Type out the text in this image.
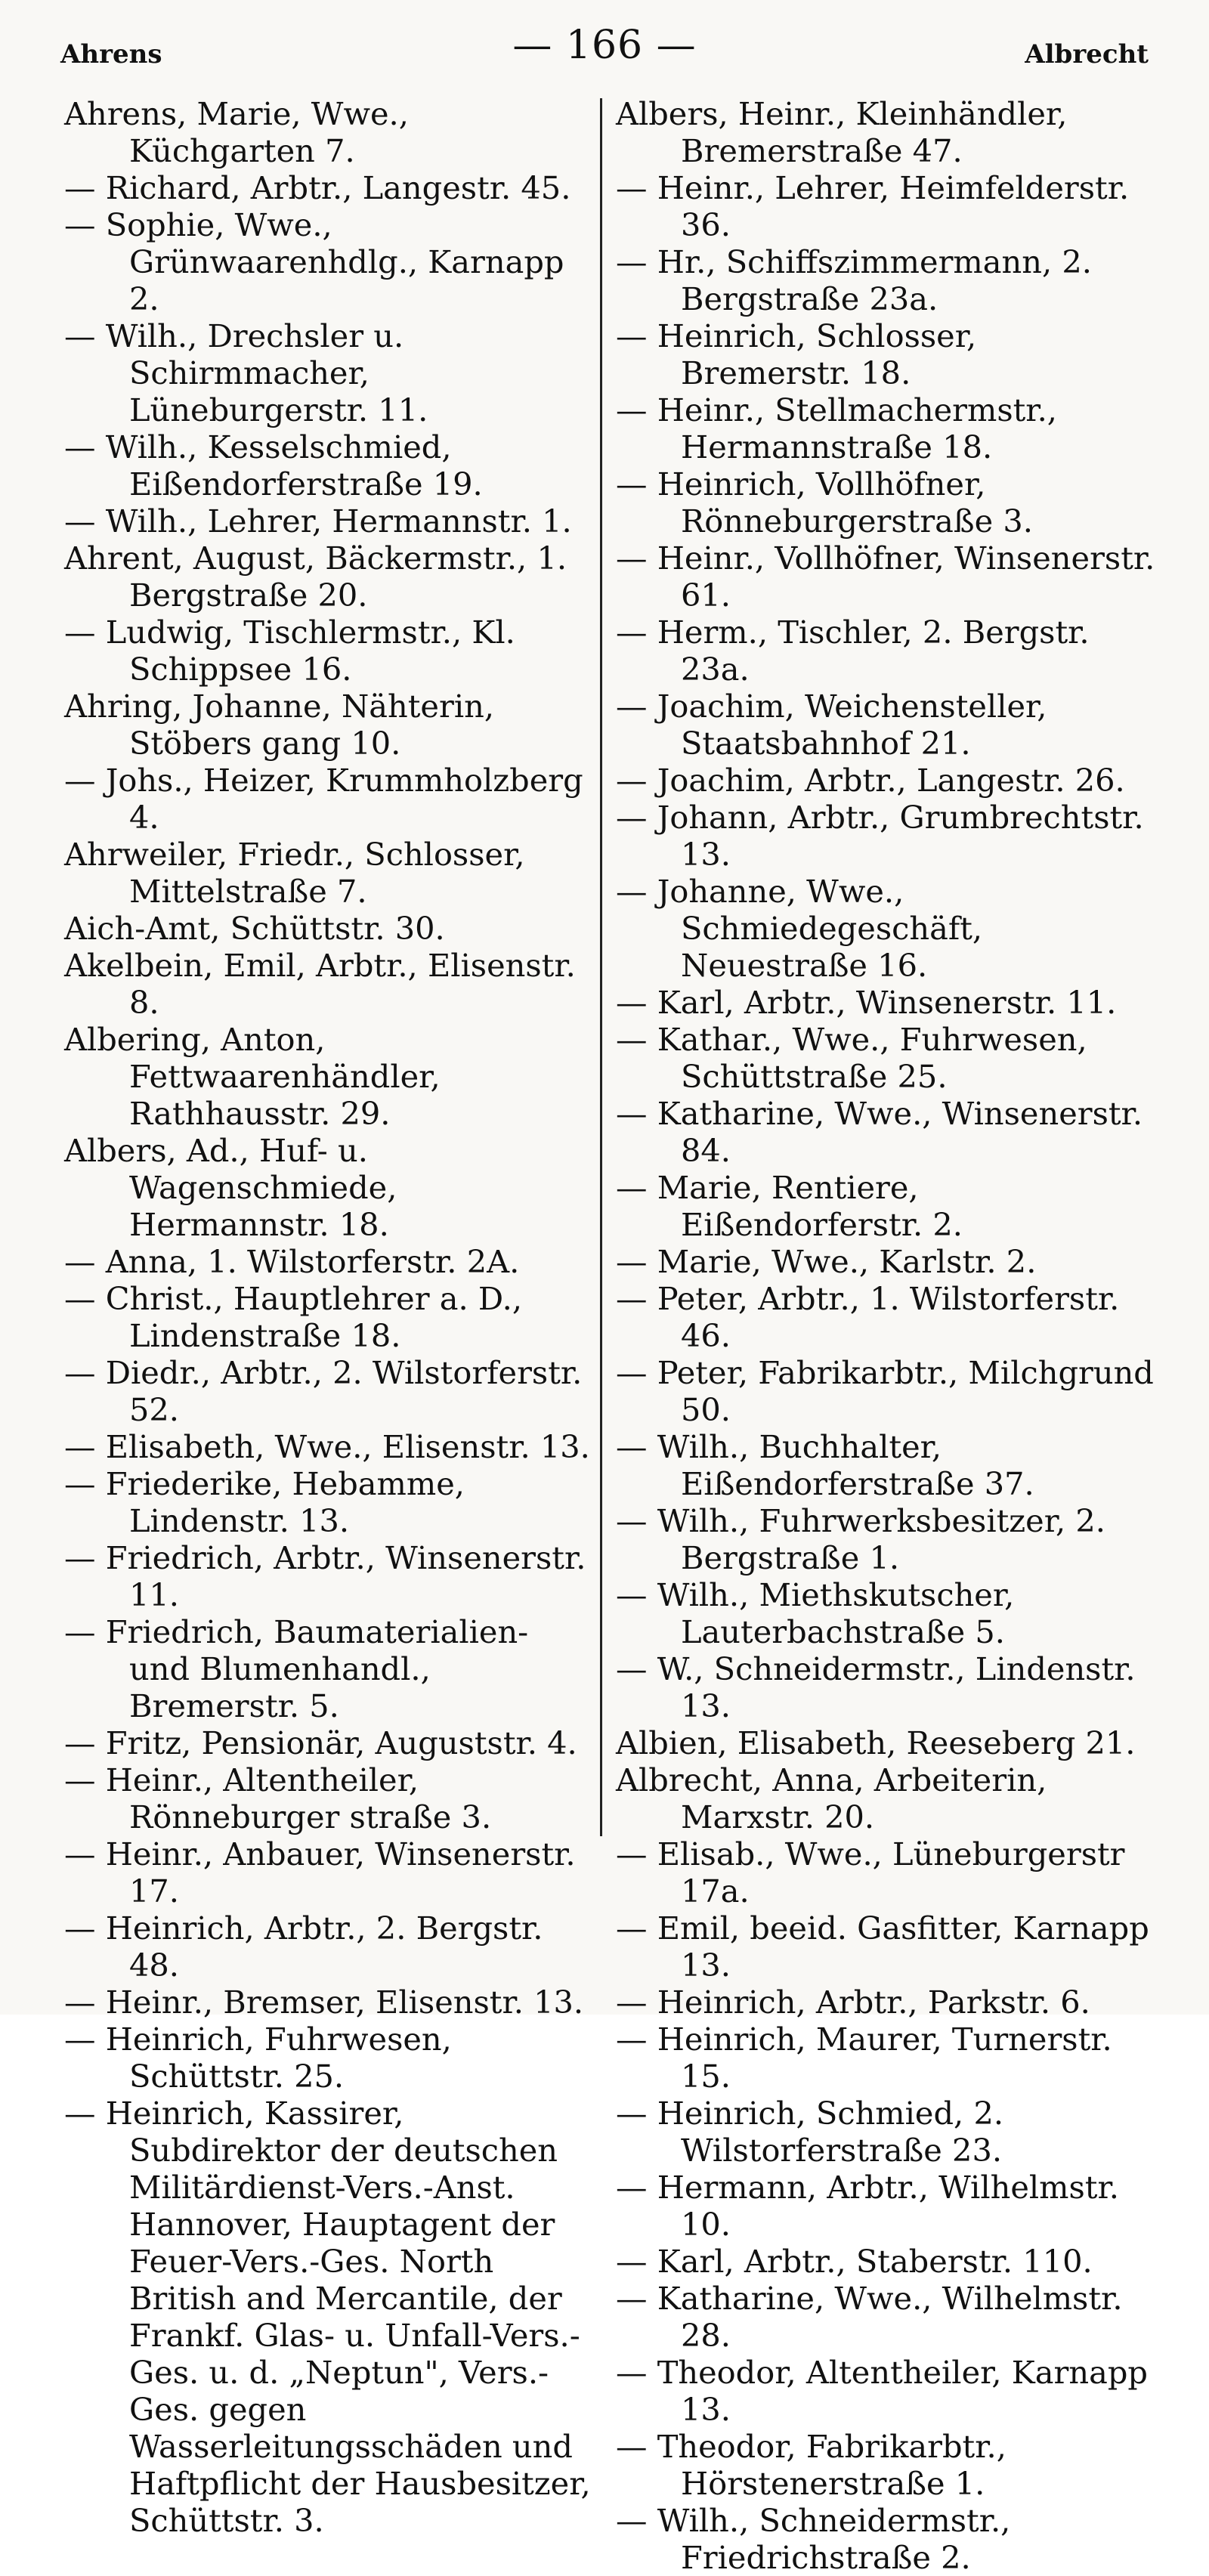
Ahrens	— 166 —	Albrecht
Ahrens, Marie, Wwe., Küchgarten 7.
— Richard, Arbtr., Langestr. 45.
— Sophie, Wwe., Grünwaarenhdlg., Karnapp 2.
— Wilh., Drechsler u. Schirmmacher, Lüneburgerstr. 11.
— Wilh., Kesselschmied, Eißendorferstraße 19.
— Wilh., Lehrer, Hermannstr. 1.
Ahrent, August, Bäckermstr., 1. Bergstraße 20.
— Ludwig, Tischlermstr., Kl. Schippsee 16.
Ahring, Johanne, Nähterin, Stöbers gang 10.
— Johs., Heizer, Krummholzberg 4.
Ahrweiler, Friedr., Schlosser, Mittelstraße 7.
Aich-Amt, Schüttstr. 30.
Akelbein, Emil, Arbtr., Elisenstr. 8.
Albering, Anton, Fettwaarenhändler, Rathhausstr. 29.
Albers, Ad., Huf- u. Wagenschmiede, Hermannstr. 18.
— Anna, 1. Wilstorferstr. 2A.
— Christ., Hauptlehrer a. D., Lindenstraße 18.
— Diedr., Arbtr., 2. Wilstorferstr. 52.
— Elisabeth, Wwe., Elisenstr. 13.
— Friederike, Hebamme, Lindenstr. 13.
— Friedrich, Arbtr., Winsenerstr. 11.
— Friedrich, Baumaterialien- und Blumenhandl., Bremerstr. 5.
— Fritz, Pensionär, Auguststr. 4.
— Heinr., Altentheiler, Rönneburger straße 3.
— Heinr., Anbauer, Winsenerstr. 17.
— Heinrich, Arbtr., 2. Bergstr. 48.
— Heinr., Bremser, Elisenstr. 13.
— Heinrich, Fuhrwesen, Schüttstr. 25.
— Heinrich, Kassirer, Subdirektor der deutschen Militärdienst-Vers.-Anst. Hannover, Hauptagent der Feuer-Vers.-Ges. North British and Mercantile, der Frankf. Glas- u. Unfall-Vers.-Ges. u. d. „Neptun", Vers.-Ges. gegen Wasserleitungsschäden und Haftpflicht der Hausbesitzer, Schüttstr. 3.
Albers, Heinr., Kleinhändler, Bremerstraße 47.
— Heinr., Lehrer, Heimfelderstr. 36.
— Hr., Schiffszimmermann, 2. Bergstraße 23a.
— Heinrich, Schlosser, Bremerstr. 18.
— Heinr., Stellmachermstr., Hermannstraße 18.
— Heinrich, Vollhöfner, Rönneburgerstraße 3.
— Heinr., Vollhöfner, Winsenerstr. 61.
— Herm., Tischler, 2. Bergstr. 23a.
— Joachim, Weichensteller, Staatsbahnhof 21.
— Joachim, Arbtr., Langestr. 26.
— Johann, Arbtr., Grumbrechtstr. 13.
— Johanne, Wwe., Schmiedegeschäft, Neuestraße 16.
— Karl, Arbtr., Winsenerstr. 11.
— Kathar., Wwe., Fuhrwesen, Schüttstraße 25.
— Katharine, Wwe., Winsenerstr. 84.
— Marie, Rentiere, Eißendorferstr. 2.
— Marie, Wwe., Karlstr. 2.
— Peter, Arbtr., 1. Wilstorferstr. 46.
— Peter, Fabrikarbtr., Milchgrund 50.
— Wilh., Buchhalter, Eißendorferstraße 37.
— Wilh., Fuhrwerksbesitzer, 2. Bergstraße 1.
— Wilh., Miethskutscher, Lauterbachstraße 5.
— W., Schneidermstr., Lindenstr. 13.
Albien, Elisabeth, Reeseberg 21.
Albrecht, Anna, Arbeiterin, Marxstr. 20.
— Elisab., Wwe., Lüneburgerstr 17a.
— Emil, beeid. Gasfitter, Karnapp 13.
— Heinrich, Arbtr., Parkstr. 6.
— Heinrich, Maurer, Turnerstr. 15.
— Heinrich, Schmied, 2. Wilstorferstraße 23.
— Hermann, Arbtr., Wilhelmstr. 10.
— Karl, Arbtr., Staberstr. 110.
— Katharine, Wwe., Wilhelmstr. 28.
— Theodor, Altentheiler, Karnapp 13.
— Theodor, Fabrikarbtr., Hörstenerstraße 1.
— Wilh., Schneidermstr., Friedrichstraße 2.
